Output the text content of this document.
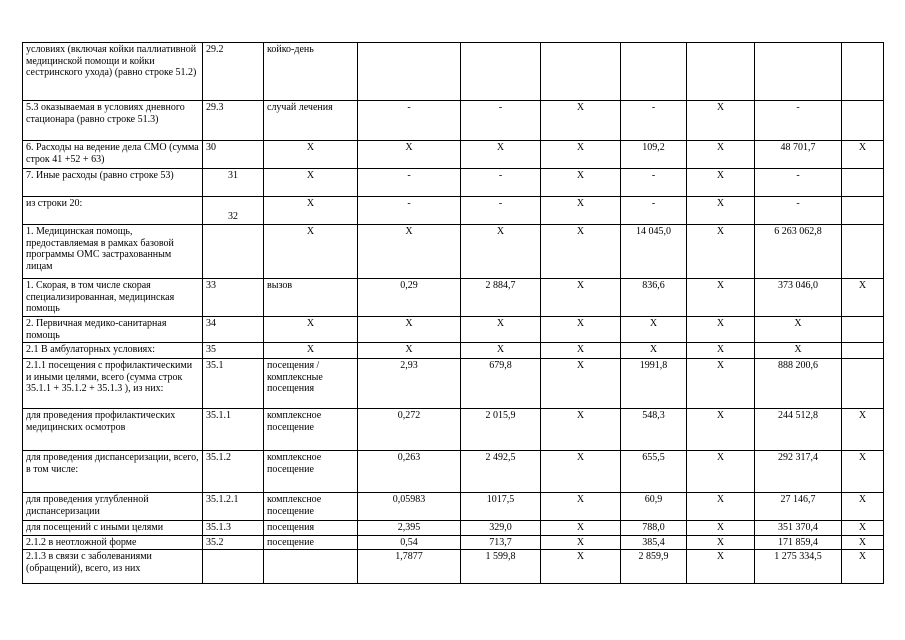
условиях (включая койки паллиативной медицинской помощи и койки сестринского ухода) (равно строке 51.2)	29.2	койко-день							
5.3 оказываемая в условиях дневного стационара (равно строке 51.3)	29.3	случай лечения	-	-	X	-	X	-	
6. Расходы на ведение дела СМО (сумма строк 41 +52 + 63)	30	X	X	X	X	109,2	X	48 701,7	X
7. Иные расходы (равно строке 53)	31	X	-	-	X	-	X	-	
из строки 20:	32	X	-	-	X	-	X	-	
1. Медицинская помощь, предоставляемая в рамках базовой программы ОМС застрахованным лицам		X	X	X	X	14 045,0	X	6 263 062,8	
1. Скорая, в том числе скорая специализированная, медицинская помощь	33	вызов	0,29	2 884,7	X	836,6	X	373 046,0	X
2. Первичная медико-санитарная помощь	34	X	X	X	X	X	X	X	
2.1 В амбулаторных условиях:	35	X	X	X	X	X	X	X	
2.1.1 посещения с профилактическими и иными целями, всего (сумма строк 35.1.1 + 35.1.2 + 35.1.3 ), из них:	35.1	посещения / комплексные посещения	2,93	679,8	X	1991,8	X	888 200,6	
для проведения профилактических медицинских осмотров	35.1.1	комплексное посещение	0,272	2 015,9	X	548,3	X	244 512,8	X
для проведения диспансеризации, всего, в том числе:	35.1.2	комплексное посещение	0,263	2 492,5	X	655,5	X	292 317,4	X
для проведения углубленной диспансеризации	35.1.2.1	комплексное посещение	0,05983	1017,5	X	60,9	X	27 146,7	X
для посещений с иными целями	35.1.3	посещения	2,395	329,0	X	788,0	X	351 370,4	X
2.1.2 в неотложной форме	35.2	посещение	0,54	713,7	X	385,4	X	171 859,4	X
2.1.3 в связи с заболеваниями (обращений), всего, из них			1,7877	1 599,8	X	2 859,9	X	1 275 334,5	X
